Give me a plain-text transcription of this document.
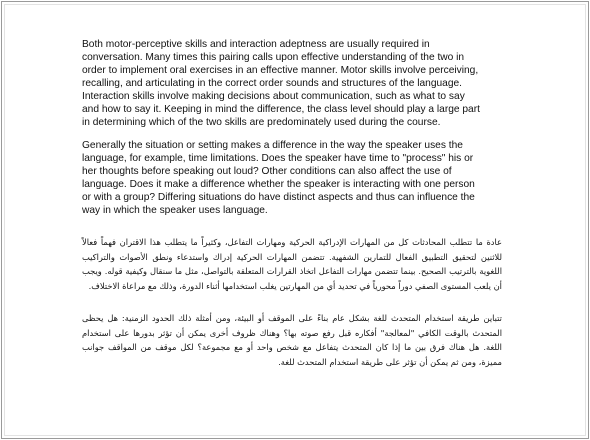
Both motor-perceptive skills and interaction adeptness are usually required in conversation. Many times this pairing calls upon effective understanding of the two in order to implement oral exercises in an effective manner. Motor skills involve perceiving, recalling, and articulating in the correct order sounds and structures of the language. Interaction skills involve making decisions about communication, such as what to say and how to say it. Keeping in mind the difference, the class level should play a large part in determining which of the two skills are predominately used during the course.

Generally the situation or setting makes a difference in the way the speaker uses the language, for example, time limitations. Does the speaker have time to "process" his or her thoughts before speaking out loud? Other conditions can also affect the use of language. Does it make a difference whether the speaker is interacting with one person or with a group? Differing situations do have distinct aspects and thus can influence the way in which the speaker uses language.

عادة ما تتطلب المحادثات كل من المهارات الإدراكية الحركية ومهارات التفاعل، وكثيراً ما يتطلب هذا الاقتران فهماً فعالاً للاثنين لتحقيق التطبيق الفعال للتمارين الشفهية. تتضمن المهارات الحركية إدراك واستدعاء ونطق الأصوات والتراكيب اللغوية بالترتيب الصحيح. بينما تتضمن مهارات التفاعل اتخاذ القرارات المتعلقة بالتواصل، مثل ما سنقال وكيفية قوله. ويجب أن يلعب المستوى الصفي دوراً محورياً في تحديد أي من المهارتين يغلب استخدامها أثناء الدورة، وذلك مع مراعاة الاختلاف.

تتباين طريقة استخدام المتحدث للغة بشكل عام بناءً على الموقف أو البيئة، ومن أمثلة ذلك الحدود الزمنية: هل يحظى المتحدث بالوقت الكافي "لمعالجة" أفكاره قبل رفع صوته بها؟ وهناك ظروف أخرى يمكن أن تؤثر بدورها على استخدام اللغة. هل هناك فرق بين ما إذا كان المتحدث يتفاعل مع شخص واحد أو مع مجموعة؟ لكل موقف من المواقف جوانب مميزة، ومن ثم يمكن أن تؤثر على طريقة استخدام المتحدث للغة.
